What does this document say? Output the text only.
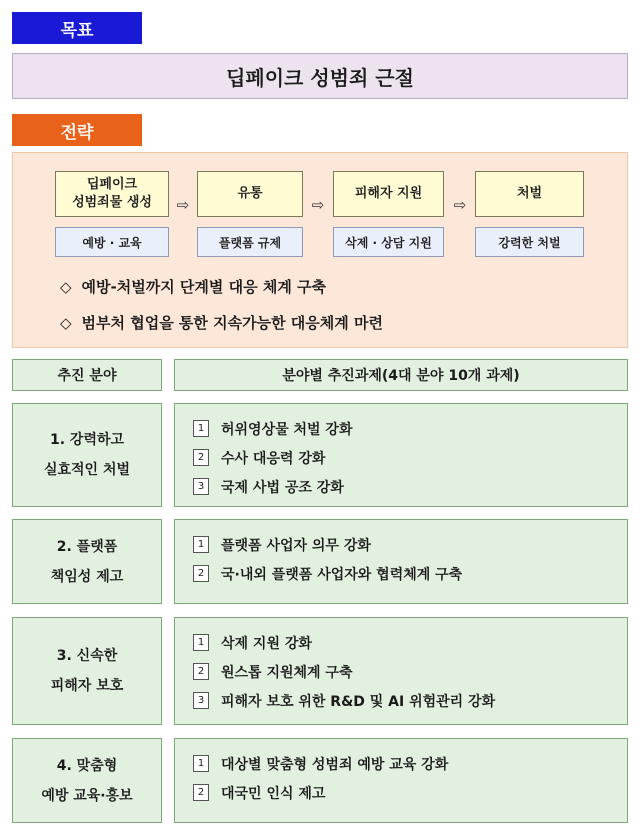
목표
딥페이크 성범죄 근절
전략
딥페이크
성범죄물 생성
예방 · 교육
⇨
유통
플랫폼 규제
⇨
피해자 지원
삭제 · 상담 지원
⇨
처벌
강력한 처벌
◇ 예방-처벌까지 단계별 대응 체계 구축
◇ 범부처 협업을 통한 지속가능한 대응체계 마련
추진 분야	분야별 추진과제(4대 분야 10개 과제)
1. 강력하고
실효적인 처벌
1	허위영상물 처벌 강화
2	수사 대응력 강화
3	국제 사법 공조 강화
2. 플랫폼
책임성 제고
1	플랫폼 사업자 의무 강화
2	국·내외 플랫폼 사업자와 협력체계 구축
3. 신속한
피해자 보호
1	삭제 지원 강화
2	원스톱 지원체계 구축
3	피해자 보호 위한 R&D 및 AI 위험관리 강화
4. 맞춤형
예방 교육·홍보
1	대상별 맞춤형 성범죄 예방 교육 강화
2	대국민 인식 제고
